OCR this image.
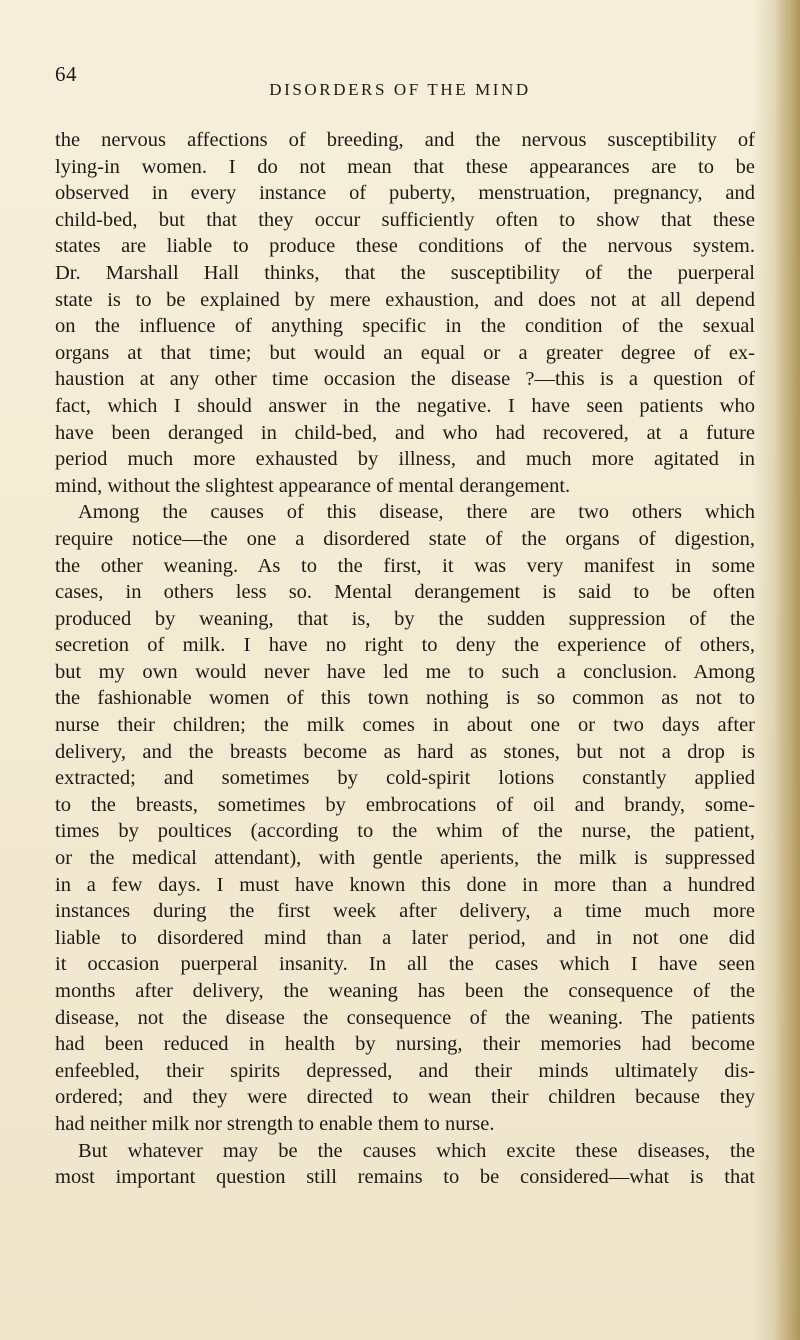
64
DISORDERS OF THE MIND
the nervous affections of breeding, and the nervous susceptibility of
lying-in women. I do not mean that these appearances are to be
observed in every instance of puberty, menstruation, pregnancy, and
child-bed, but that they occur sufficiently often to show that these
states are liable to produce these conditions of the nervous system.
Dr. Marshall Hall thinks, that the susceptibility of the puerperal
state is to be explained by mere exhaustion, and does not at all depend
on the influence of anything specific in the condition of the sexual
organs at that time; but would an equal or a greater degree of ex-
haustion at any other time occasion the disease ?—this is a question of
fact, which I should answer in the negative. I have seen patients who
have been deranged in child-bed, and who had recovered, at a future
period much more exhausted by illness, and much more agitated in
mind, without the slightest appearance of mental derangement.
Among the causes of this disease, there are two others which
require notice—the one a disordered state of the organs of digestion,
the other weaning. As to the first, it was very manifest in some
cases, in others less so. Mental derangement is said to be often
produced by weaning, that is, by the sudden suppression of the
secretion of milk. I have no right to deny the experience of others,
but my own would never have led me to such a conclusion. Among
the fashionable women of this town nothing is so common as not to
nurse their children; the milk comes in about one or two days after
delivery, and the breasts become as hard as stones, but not a drop is
extracted; and sometimes by cold-spirit lotions constantly applied
to the breasts, sometimes by embrocations of oil and brandy, some-
times by poultices (according to the whim of the nurse, the patient,
or the medical attendant), with gentle aperients, the milk is suppressed
in a few days. I must have known this done in more than a hundred
instances during the first week after delivery, a time much more
liable to disordered mind than a later period, and in not one did
it occasion puerperal insanity. In all the cases which I have seen
months after delivery, the weaning has been the consequence of the
disease, not the disease the consequence of the weaning. The patients
had been reduced in health by nursing, their memories had become
enfeebled, their spirits depressed, and their minds ultimately dis-
ordered; and they were directed to wean their children because they
had neither milk nor strength to enable them to nurse.
But whatever may be the causes which excite these diseases, the
most important question still remains to be considered—what is that
